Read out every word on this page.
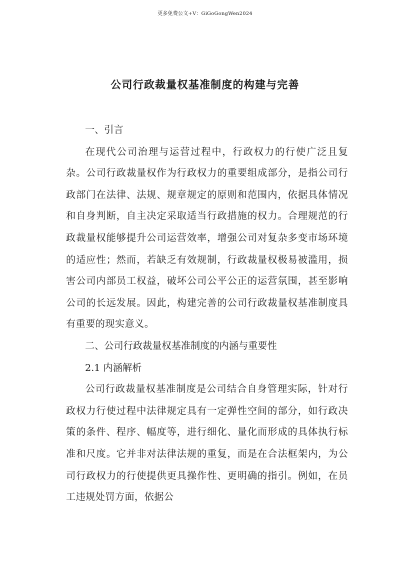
更多免费公文+V：GiGoGongWen2024
公司行政裁量权基准制度的构建与完善

一、引言

在现代公司治理与运营过程中，行政权力的行使广泛且复杂。公司行政裁量权作为行政权力的重要组成部分，是指公司行政部门在法律、法规、规章规定的原则和范围内，依据具体情况和自身判断，自主决定采取适当行政措施的权力。合理规范的行政裁量权能够提升公司运营效率，增强公司对复杂多变市场环境的适应性；然而，若缺乏有效规制，行政裁量权极易被滥用，损害公司内部员工权益，破坏公司公平公正的运营氛围，甚至影响公司的长远发展。因此，构建完善的公司行政裁量权基准制度具有重要的现实意义。

二、公司行政裁量权基准制度的内涵与重要性

2.1 内涵解析

公司行政裁量权基准制度是公司结合自身管理实际，针对行政权力行使过程中法律规定具有一定弹性空间的部分，如行政决策的条件、程序、幅度等，进行细化、量化而形成的具体执行标准和尺度。它并非对法律法规的重复，而是在合法框架内，为公司行政权力的行使提供更具操作性、更明确的指引。例如，在员工违规处罚方面，依据公
